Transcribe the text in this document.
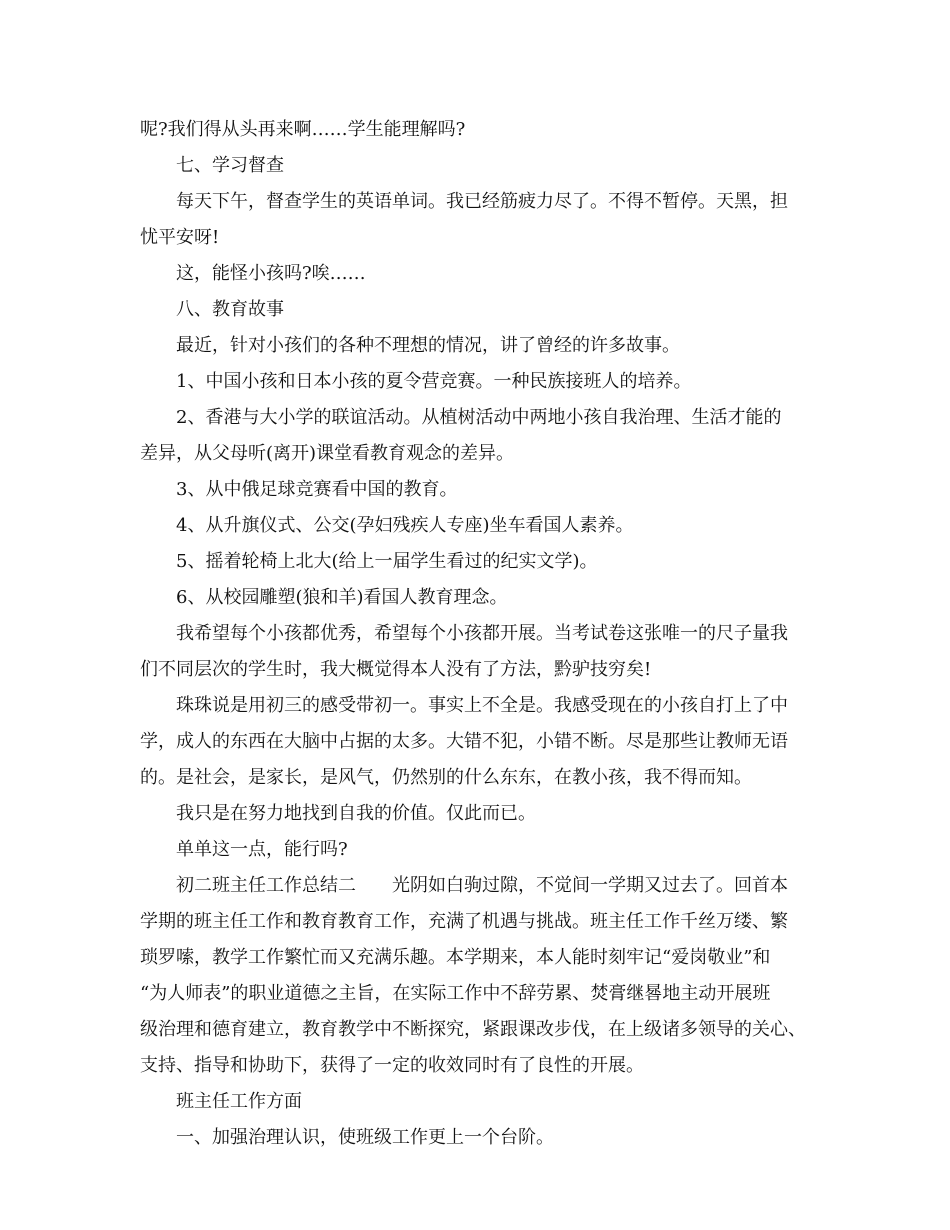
呢?我们得从头再来啊……学生能理解吗?

七、学习督查

每天下午，督查学生的英语单词。我已经筋疲力尽了。不得不暂停。天黑，担

忧平安呀!

这，能怪小孩吗?唉……

八、教育故事

最近，针对小孩们的各种不理想的情况，讲了曾经的许多故事。

1、中国小孩和日本小孩的夏令营竞赛。一种民族接班人的培养。

2、香港与大小学的联谊活动。从植树活动中两地小孩自我治理、生活才能的

差异，从父母听(离开)课堂看教育观念的差异。

3、从中俄足球竞赛看中国的教育。

4、从升旗仪式、公交(孕妇残疾人专座)坐车看国人素养。

5、摇着轮椅上北大(给上一届学生看过的纪实文学)。

6、从校园雕塑(狼和羊)看国人教育理念。

我希望每个小孩都优秀，希望每个小孩都开展。当考试卷这张唯一的尺子量我

们不同层次的学生时，我大概觉得本人没有了方法，黔驴技穷矣!

珠珠说是用初三的感受带初一。事实上不全是。我感受现在的小孩自打上了中

学，成人的东西在大脑中占据的太多。大错不犯，小错不断。尽是那些让教师无语

的。是社会，是家长，是风气，仍然别的什么东东，在教小孩，我不得而知。

我只是在努力地找到自我的价值。仅此而已。

单单这一点，能行吗?

初二班主任工作总结二　　光阴如白驹过隙，不觉间一学期又过去了。回首本

学期的班主任工作和教育教育工作，充满了机遇与挑战。班主任工作千丝万缕、繁

琐罗嗦，教学工作繁忙而又充满乐趣。本学期来，本人能时刻牢记“爱岗敬业”和

“为人师表”的职业道德之主旨，在实际工作中不辞劳累、焚膏继晷地主动开展班

级治理和德育建立，教育教学中不断探究，紧跟课改步伐，在上级诸多领导的关心、

支持、指导和协助下，获得了一定的收效同时有了良性的开展。

班主任工作方面

一、加强治理认识，使班级工作更上一个台阶。
